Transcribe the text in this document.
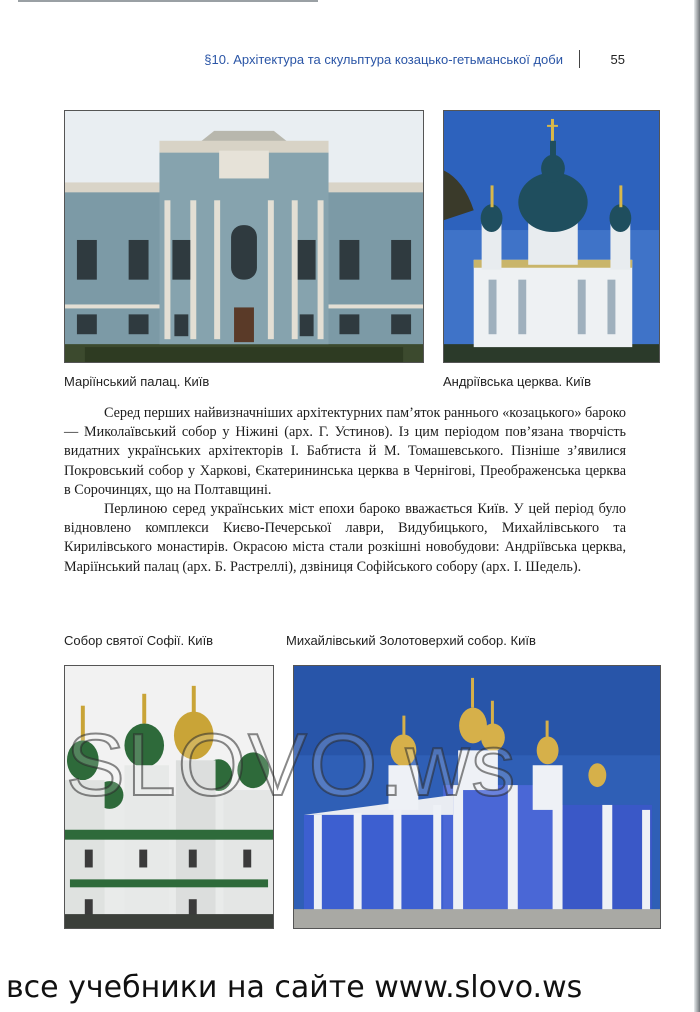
§10. Архітектура та скульптура козацько-гетьманської доби	55
Маріїнський палац. Київ	Андріївська церква. Київ

Серед перших найвизначніших архітектурних пам’яток раннього «козацького» бароко — Миколаївський собор у Ніжині (арх. Г. Устинов). Із цим періодом пов’язана творчість видатних українських архітекторів І. Бабтиста й М. Томашевського. Пізніше з’явилися Покровський собор у Харкові, Єкатерининська церква в Чернігові, Преображенська церква в Сорочинцях, що на Полтавщині.

Перлиною серед українських міст епохи бароко вважається Київ. У цей період було відновлено комплекси Києво-Печерської лаври, Видубицького, Михайлівського та Кирилівського монастирів. Окрасою міста стали розкішні новобудови: Андріївська церква, Маріїнський палац (арх. Б. Растреллі), дзвіниця Софійського собору (арх. І. Шедель).

Собор святої Софії. Київ	Михайлівський Золотоверхий собор. Київ
SLOVO.ws
все учебники на сайте www.slovo.ws
